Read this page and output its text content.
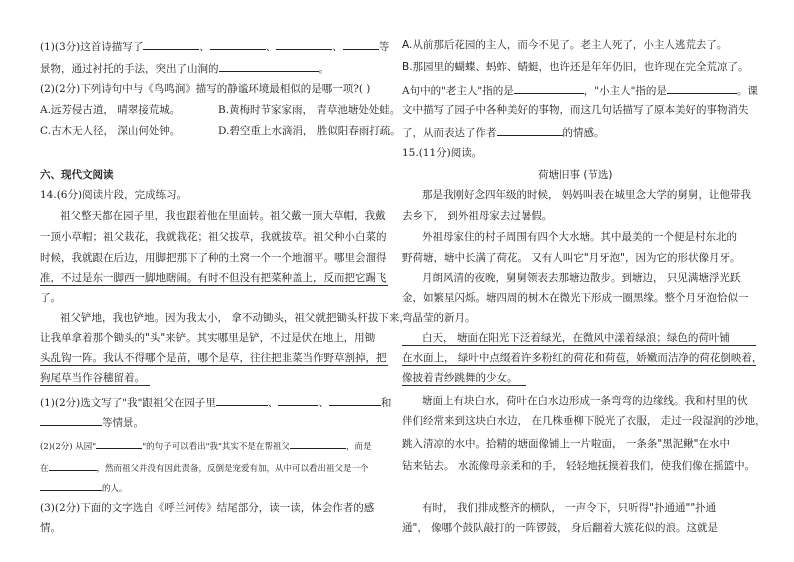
(1)(3分)这首诗描写了	、	、	、	等
景物，通过衬托的手法，突出了山涧的	。
(2)(2分)下列诗句中与《鸟鸣涧》描写的静谧环境最相似的是哪一项?( )
A.远芳侵古道， 晴翠接荒城。	B.黄梅时节家家雨， 青草池塘处处蛙。
C.古木无人径， 深山何处钟。	D.碧空重上水滴涓， 胜似阳春雨打疏。
六、现代文阅读
14.(6分)阅读片段，完成练习。
祖父整天都在园子里，我也跟着他在里面转。祖父戴一顶大草帽，我戴
一顶小草帽；祖父栽花，我就栽花；祖父拔草，我就拔草。祖父种小白菜的
时候，我就跟在后边，用脚把那下了种的土窝一个一个地溜平。哪里会溜得
准，不过是东一脚西一脚地瞎闹。有时不但没有把菜种盖上，反而把它踢飞
了。
祖父铲地，我也铲地。因为我太小， 拿不动锄头，祖父就把锄头杆拔下来，
让我单拿着那个锄头的"头"来铲。其实哪里是铲，不过是伏在地上，用锄
头乱钩一阵。我认不得哪个是苗，哪个是草，往往把韭菜当作野草割掉，把
狗尾草当作谷穗留着。
(1)(2分)选文写了"我"跟祖父在园子里	、	、	和
等情景。
(2)(2分) 从园"	"的句子可以看出"我"其实不是在帮祖父	，而是
在	，然而祖父并没有因此责备，反倒是宠爱有加，从中可以看出祖父是一个
的人。
(3)(2分)下面的文字选自《呼兰河传》结尾部分，读一读，体会作者的感
情。
A.从前那后花园的主人，而今不见了。老主人死了，小主人逃荒去了。
B.那园里的蝴蝶、蚂蚱、蜻蜓，也许还是年年仍旧，也许现在完全荒凉了。
A句中的"老主人"指的是	，"小主人"指的是	。课
文中描写了园子中各种美好的事物，而这几句话描写了原本美好的事物消失
了，从而表达了作者	的情感。
15.(11分)阅读。
荷塘旧事 (节选)
那是我刚好念四年级的时候， 妈妈叫表在城里念大学的舅舅，让他带我
去乡下， 到外祖母家去过暑假。
外祖母家住的村子周围有四个大水塘。其中最美的一个便是村东北的
野荷塘，塘中长满了荷花。 又有人叫它"月牙泡"，因为它的形状像月牙。
月朗风清的夜晚，舅舅领表去那塘边散步。到塘边， 只见满塘浮光跃
金，如繁星闪烁。塘四周的树木在微光下形成一圈黑缘。整个月牙泡恰似一
弯晶莹的新月。
白天， 塘面在阳光下泛着绿光，在微风中漾着绿浪；绿色的荷叶铺
在水面上， 绿叶中点缀着许多粉红的荷花和荷苞，娇嫩而洁净的荷花倒映着，
像披着青纱跳舞的少女。
塘面上有块白水，荷叶在白水边形成一条弯弯的边缘线。我和村里的伙
伴们经常来到这块白水边， 在几株垂柳下脱光了衣服， 走过一段湿润的沙地，
跳入清凉的水中。拾精的塘面像铺上一片啦面， 一条条"黑泥鳅"在水中
钻来钻去。 水流像母亲柔和的手， 轻轻地抚摸着我们，使我们像在摇篮中。
有时， 我们排成整齐的横队， 一声令下，只听得"扑通通""扑通
通"， 像哪个鼓队敲打的一阵锣鼓， 身后翻着大簇花似的浪。这就是
